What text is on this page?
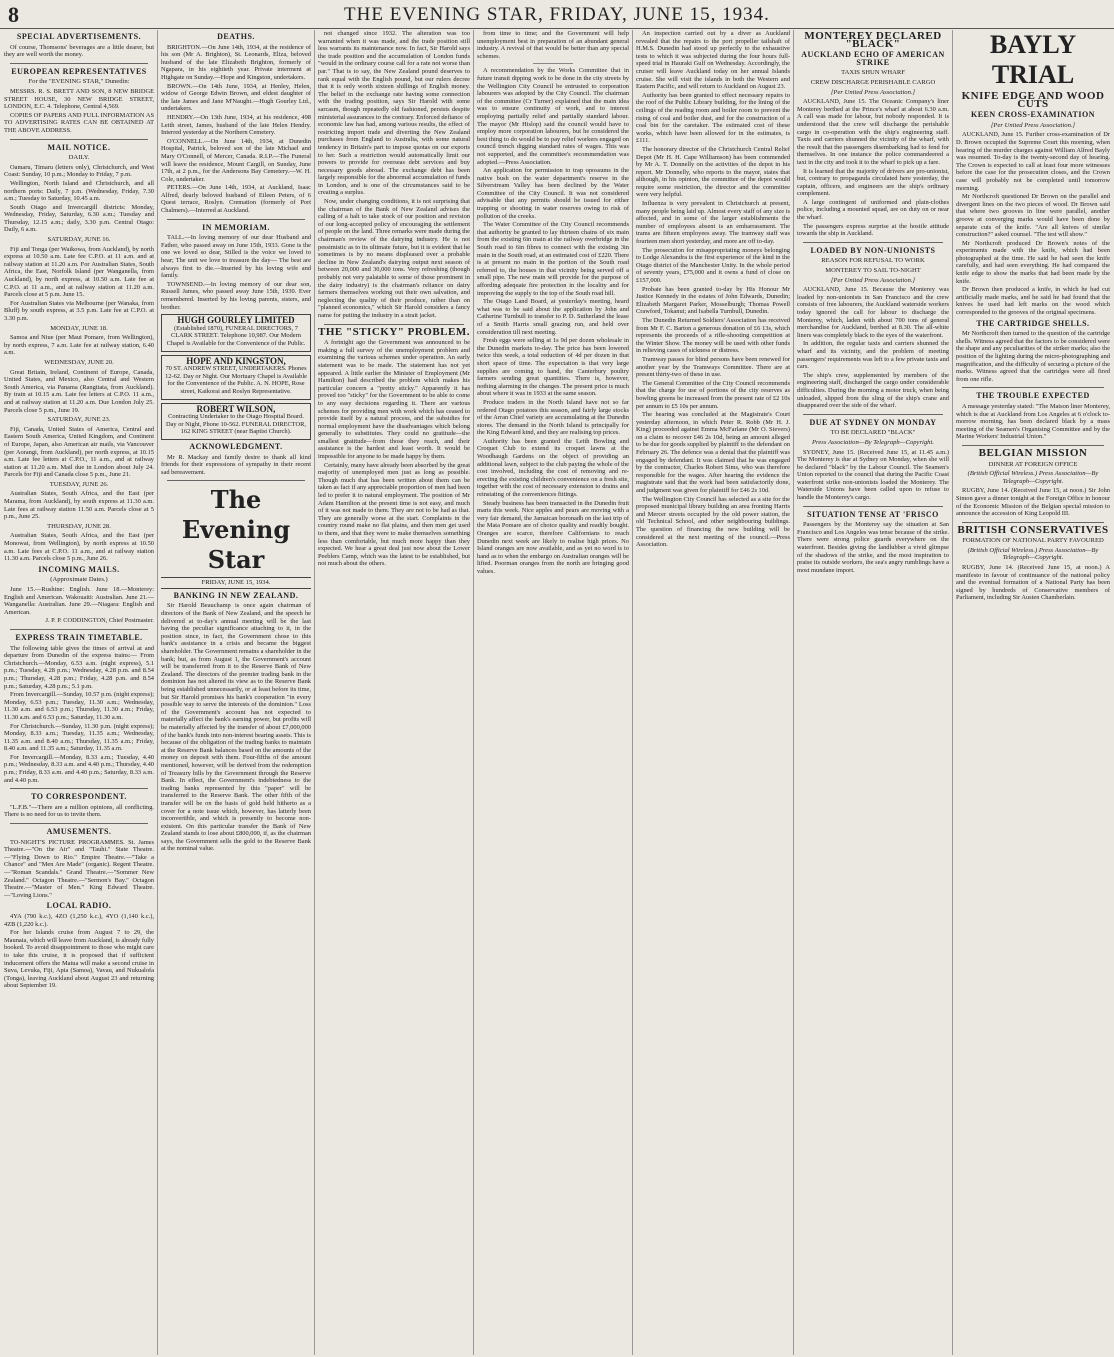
8	THE EVENING STAR, FRIDAY, JUNE 15, 1934.
SPECIAL ADVERTISEMENTS.

Of course, Thomsons' beverages are a little dearer, but they are well worth the money.

EUROPEAN REPRESENTATIVES
For the "EVENING STAR," Dunedin:

MESSRS. R. S. BRETT AND SON, 8 NEW BRIDGE STREET HOUSE, 30 NEW BRIDGE STREET, LONDON, E.C. 4. Telephone, Central 4,569.

COPIES OF PAPERS AND FULL INFORMATION AS TO ADVERTISING RATES CAN BE OBTAINED AT THE ABOVE ADDRESS.

MAIL NOTICE.
DAILY.

Oamaru, Timaru (letters only), Christchurch, and West Coast: Sunday, 10 p.m.; Monday to Friday, 7 p.m.

Wellington, North Island and Christchurch, and all northern ports: Daily, 7 p.m. (Wednesday, Friday, 7.30 a.m.; Tuesday to Saturday, 10.45 a.m.

South Otago and Invercargill districts: Monday, Wednesday, Friday, Saturday, 6.30 a.m.; Tuesday and Thursday, 12.15 a.m.; daily, 3.30 p.m. Central Otago: Daily, 6 a.m.

SATURDAY, JUNE 16.

Fiji and Tonga (per Waikowa, from Auckland), by north express at 10.50 a.m. Late fee C.P.O. at 11 a.m. and at railway station at 11.20 a.m. For Australian States, South Africa, the East, Norfolk Island (per Wanganella, from Auckland), by north express, at 10.50 a.m. Late fee at C.P.O. at 11 a.m., and at railway station at 11.20 a.m. Parcels close at 5 p.m. June 15.

For Australian States via Melbourne (per Wanaka, from Bluff) by south express, at 3.5 p.m. Late fee at C.P.O. at 3.30 p.m.

MONDAY, JUNE 18.

Samoa and Niue (per Maui Pomare, from Wellington), by north express, 7 a.m. Late fee at railway station, 6.40 a.m.

WEDNESDAY, JUNE 20.

Great Britain, Ireland, Continent of Europe, Canada, United States, and Mexico, also Central and Western South America, via Panama (Rangitata, from Auckland). By train at 10.15 a.m. Late fee letters at C.P.O. 11 a.m., and at railway station at 11.20 a.m. Due London July 25. Parcels close 5 p.m., June 19.

SATURDAY, JUNE 23.

Fiji, Canada, United States of America, Central and Eastern South America, United Kingdom, and Continent of Europe, Japan, also American air mails, via Vancouver (per Aorangi, from Auckland), per north express, at 10.15 a.m. Late fee letters at C.P.O., 11 a.m., and at railway station at 11.20 a.m. Mail due in London about July 24. Parcels for Fiji and Canada close 5 p.m., June 21.

TUESDAY, JUNE 26.

Australian States, South Africa, and the East (per Marama, from Auckland), by south express at 11.30 a.m. Late fees at railway station 11.50 a.m. Parcels close at 5 p.m., June 25.

THURSDAY, JUNE 28.

Australian States, South Africa, and the East (per Monowai, from Wellington), by north express at 10.50 a.m. Late fees at C.P.O. 11 a.m., and at railway station 11.30 a.m. Parcels close 5 p.m., June 26.

INCOMING MAILS.
(Approximate Dates.)

June 15.—Rushine: English. June 18.—Monterey: English and American. Wakouaiti: Australian. June 21.—Wanganella: Australian. June 29.—Niagara: English and American.

J. P. P. CODDINGTON, Chief Postmaster.

EXPRESS TRAIN TIMETABLE.

The following table gives the times of arrival at and departure from Dunedin of the express trains:— From Christchurch.—Monday, 6.53 a.m. (night express), 5.1 p.m.; Tuesday, 4.28 p.m.; Wednesday, 4.28 p.m. and 8.54 p.m.; Thursday, 4.28 p.m.; Friday, 4.28 p.m. and 8.54 p.m.; Saturday, 4.28 p.m.; 5.1 p.m.

From Invercargill.—Sunday, 10.57 p.m. (night express); Monday, 6.53 p.m.; Tuesday, 11.30 a.m.; Wednesday, 11.30 a.m. and 6.53 p.m.; Thursday, 11.30 a.m.; Friday, 11.30 a.m. and 6.53 p.m.; Saturday, 11.30 a.m.

For Christchurch.—Sunday, 11.30 p.m. (night express); Monday, 8.33 a.m.; Tuesday, 11.35 a.m.; Wednesday, 11.35 a.m. and 8.40 a.m.; Thursday, 11.35 a.m.; Friday, 8.40 a.m. and 11.35 a.m.; Saturday, 11.35 a.m.

For Invercargill.—Monday, 8.33 a.m.; Tuesday, 4.40 p.m.; Wednesday, 8.33 a.m. and 4.40 p.m.; Thursday, 4.40 p.m.; Friday, 8.33 a.m. and 4.40 p.m.; Saturday, 8.33 a.m. and 4.40 p.m.

TO CORRESPONDENT.

"L.F.B."—There are a million opinions, all conflicting. There is no need for us to invite them.

AMUSEMENTS.

TO-NIGHT'S PICTURE PROGRAMMES. St. James Theatre.—"On the Air" and "Tauhi." State Theatre.—"Flying Down to Rio." Empire Theatre.—"Take a Chance" and "Men Are Made" (organic). Regent Theatre.—"Roman Scandals." Grand Theatre.—"Sommer New Zealand." Octagon Theatre.—"Sermon's Bay." Octagon Theatre.—"Master of Men." King Edward Theatre.—"Loving Lions."

LOCAL RADIO.

4YA (790 k.c.), 4ZO (1,250 k.c.), 4YO (1,140 k.c.), 4ZB (1,220 k.c.).

For her Islands cruise from August 7 to 29, the Maunaia, which will leave from Auckland, is already fully booked. To avoid disappointment to those who might care to take this cruise, it is proposed that if sufficient inducement offers the Matua will make a second cruise in Suva, Levuka, Fiji, Apia (Samoa), Vavau, and Nukualofa (Tonga), leaving Auckland about August 23 and returning about September 19.

DEATHS.

BRIGHTON.—On June 14th, 1934, at the residence of his son (Mr A. Brighton), St. Leonards, Eliza, beloved husband of the late Elizabeth Brighton, formerly of Ngapara, in his eightieth year. Private interment at Highgate on Sunday.—Hope and Kingston, undertakers.

BROWN.—On 14th June, 1934, at Henley, Helen, widow of George Edwin Brown, and eldest daughter of the late James and Jane M'Naught.—Hugh Gourley Ltd., undertakers.

HENDRY.—On 13th June, 1934, at his residence, 498 Leith street, James, husband of the late Helen Hendry. Interred yesterday at the Northern Cemetery.

O'CONNELL.—On June 14th, 1934, at Dunedin Hospital, Patrick, beloved son of the late Michael and Mary O'Connell, of Mercer, Canada. R.I.P.—The Funeral will leave the residence, Mount Cargill, on Sunday, June 17th, at 2 p.m., for the Andersons Bay Cemetery.—W. H. Cole, undertaker.

PETERS.—On June 14th, 1934, at Auckland, Isaac Alfred, dearly beloved husband of Eileen Peters, of 6 Quest terrace, Roslyn. Cremation (formerly of Port Chalmers).—Interred at Auckland.

IN MEMORIAM.

TALL.—In loving memory of our dear Husband and Father, who passed away on June 15th, 1933. Gone is the one we loved so dear, Stilled is the voice we loved to hear; The unit we love to treasure the day— The best are always first to die.—Inserted by his loving wife and family.

TOWNSEND.—In loving memory of our dear son, Russell James, who passed away June 15th, 1930. Ever remembered. Inserted by his loving parents, sisters, and brother.

HUGH GOURLEY LIMITED

(Established 1870), FUNERAL DIRECTORS, 7 CLARK STREET. Telephone 10,987. Our Modern Chapel is Available for the Convenience of the Public.

HOPE AND KINGSTON,

70 ST. ANDREW STREET, UNDERTAKERS. Phones 12-62. Day or Night. Our Mortuary Chapel is Available for the Convenience of the Public. A. N. HOPE, Rose street, Kaikorai and Roslyn Representative.

ROBERT WILSON,

Contracting Undertaker to the Otago Hospital Board. Day or Night, Phone 10-562. FUNERAL DIRECTOR, 162 KING STREET (near Baptist Church).

ACKNOWLEDGMENT.

Mr R. Mackay and family desire to thank all kind friends for their expressions of sympathy in their recent sad bereavement.

The Evening Star
FRIDAY, JUNE 15, 1934.
BANKING IN NEW ZEALAND.

Sir Harold Beauchamp is once again chairman of directors of the Bank of New Zealand, and the speech he delivered at to-day's annual meeting will be the last having the peculiar significance attaching to it, in the position since, in fact, the Government chose to this bank's assistance in a crisis and became the biggest shareholder. The Government remains a shareholder in the bank; but, as from August 1, the Government's account will be transferred from it to the Reserve Bank of New Zealand. The directors of the premier trading bank in the dominion has not altered its view as to the Reserve Bank being established unnecessarily, or at least before its time, but Sir Harold promises his bank's cooperation "in every possible way to serve the interests of the dominion." Loss of the Government's account has not expected to materially affect the bank's earning power, but profits will be materially affected by the transfer of about £7,000,000 of the bank's funds into non-interest bearing assets. This is because of the obligation of the trading banks to maintain at the Reserve Bank balances based on the amounts of the money on deposit with them. Four-fifths of the amount mentioned, however, will be derived from the redemption of Treasury bills by the Government through the Reserve Bank. In effect, the Government's indebtedness to the trading banks represented by this "paper" will be transferred to the Reserve Bank. The other fifth of the transfer will be on the basis of gold held hitherto as a cover for a note issue which, however, has latterly been inconvertible, and which is presently to become non-existent. On this particular transfer the Bank of New Zealand stands to lose about £800,000, if, as the chairman says, the Government sells the gold to the Reserve Bank at the nominal value.

not changed since 1932. The alteration was too warranted when it was made, and the trade position still less warrants its maintenance now. In fact, Sir Harold says the trade position and the accumulation of London funds "would in the ordinary course call for a rate not worse than par." That is to say, the New Zealand pound deserves to rank equal with the English pound, but our rulers decree that it is only worth sixteen shillings of English money. The belief in the exchange rate having some connection with the trading position, says Sir Harold with some sarcasm, though repeatedly old fashioned, persists despite ministerial assurances to the contrary. Enforced defiance of economic law has had, among various results, the effect of restricting import trade and diverting the New Zealand purchases from England to Australia, with some natural tendency in Britain's part to impose quotas on our exports to her. Such a restriction would automatically limit our powers to provide for overseas debt services and buy necessary goods abroad. The exchange debt has been largely responsible for the abnormal accumulation of funds in London, and is one of the circumstances said to be creating a surplus.

Now, under changing conditions, it is not surprising that the chairman of the Bank of New Zealand advises the calling of a halt to take stock of our position and revision of our long-accepted policy of encouraging the settlement of people on the land. Three remarks were made during the chairman's review of the dairying industry. He is not pessimistic as to its ultimate future, but it is evident that he sometimes is by no means displeased over a probable decline in New Zealand's dairying output next season of between 20,000 and 30,000 tons. Very refreshing (though probably not very palatable to some of those prominent in the dairy industry) is the chairman's reliance on dairy farmers themselves working out their own salvation, and neglecting the quality of their produce, rather than on "planned economics," which Sir Harold considers a fancy name for putting the industry in a strait jacket.

THE "STICKY" PROBLEM.

A fortnight ago the Government was announced to be making a full survey of the unemployment problem and examining the various schemes under operation. An early statement was to be made. The statement has not yet appeared. A little earlier the Minister of Employment (Mr Hamilton) had described the problem which makes his particular concern a "pretty sticky." Apparently it has proved too "sticky" for the Government to be able to come to any easy decisions regarding it. There are various schemes for providing men with work which has ceased to provide itself by a natural process, and the subsidies for normal employment have the disadvantages which belong generally to substitutes. They could no gratitude—the smallest gratitude—from those they reach, and their assistance is the hardest and least worth. It would be impossible for anyone to be made happy by them.

Certainly, many have already been absorbed by the great majority of unemployed men just as long as possible. Though much that has been written about them can be taken as fact if any appreciable proportion of men had been led to prefer it to natural employment. The position of Mr Adam Hamilton at the present time is not easy, and much of it was not made to them. They are not to be had as that. They are generally worse at the start. Complaints in the country round make no flat plains, and then men get used to them, and that they were to make themselves something less than comfortable, but much more happy than they expected. We hear a great deal just now about the Lower Peeblers Camp, which was the latest to be established, but not much about the others.

from time to time; and the Government will help unemployment best in preparation of an abundant general industry. A revival of that would be better than any special schemes.

A recommendation by the Works Committee that in future transit dipping work to be done in the city streets by the Wellington City Council be entrusted to corporation labourers was adopted by the City Council. The chairman of the committee (Cr Turner) explained that the main idea was to ensure continuity of work, and to interest employing partially relief and partially standard labour. The mayor (Mr Hislop) said the council would have to employ more corporation labourers, but he considered the best thing to do would be to pay relief workers engaged on council trench digging standard rates of wages. This was not supported, and the committee's recommendation was adopted.—Press Association.

An application for permission to trap opossums in the native bush on the water department's reserve in the Silverstream Valley has been declined by the Water Committee of the City Council. It was not considered advisable that any permits should be issued for either trapping or shooting in water reserves owing to risk of pollution of the creeks.

The Water Committee of the City Council recommends that authority be granted to lay thirteen chains of six main from the existing 6in main at the railway overbridge in the South road to 6in fibres to connect with the existing 3in main in the South road, at an estimated cost of £220. There is at present no main in the portion of the South road referred to, the houses in that vicinity being served off a small pipe. The new main will provide for the purpose of affording adequate fire protection in the locality and for improving the supply to the top of the South road hill.

The Otago Land Board, at yesterday's meeting, heard what was to be said about the application by John and Catherine Turnbull to transfer to P. D. Sutherland the lease of a Smith Harris small grazing run, and held over consideration till next meeting.

Fresh eggs were selling at 1s 9d per dozen wholesale in the Dunedin markets to-day. The price has been lowered twice this week, a total reduction of 4d per dozen in that short space of time. The expectation is that very large supplies are coming to hand, the Canterbury poultry farmers sending great quantities. There is, however, nothing alarming in the changes. The present price is much about where it was in 1933 at the same season.

Produce traders in the North Island have not so far ordered Otago potatoes this season, and fairly large stocks of the Arran Chief variety are accumulating at the Dunedin stores. The demand in the North Island is principally for the King Edward kind, and they are realising top prices.

Authority has been granted the Leith Bowling and Croquet Club to extend its croquet lawns at the Woodhaugh Gardens on the object of providing an additional lawn, subject to the club paying the whole of the cost involved, including the cost of removing and re-erecting the existing children's convenience on a fresh site, together with the cost of necessary extension to drains and reinstating of the conveniences fittings.

Steady business has been transacted in the Dunedin fruit marts this week. Nice apples and pears are moving with a very fair demand, the Jamaican boronadh on the last trip of the Mata Pomare are of choice quality and readily bought. Oranges are scarce, therefore Californians to reach Dunedin next week are likely to realise high prices. No Island oranges are now available, and as yet no word is to hand as to when the embargo on Australian oranges will be lifted. Poorman oranges from the north are bringing good values.

An inspection carried out by a diver as Auckland revealed that the repairs to the port propeller tailshaft of H.M.S. Dunedin had stood up perfectly to the exhaustive tests to which it was subjected during the four hours full-speed trial in Hauraki Gulf on Wednesday. Accordingly, the cruiser will leave Auckland today on her annual Islands cruise. She will visit the islands in both the Western and Eastern Pacific, and will return to Auckland on August 23.

Authority has been granted to effect necessary repairs to the roof of the Public Library building, for the lining of the ceilings of the reading room and boiler room to prevent the rising of coal and boiler dust, and for the construction of a coal bin for the caretaker. The estimated cost of these works, which have been allowed for in the estimates, is £111.

The honorary director of the Christchurch Central Relief Depot (Mr H. H. Cape Williamson) has been commended by Mr A. T. Donnelly on the activities of the depot in his report. Mr Donnelly, who reports to the mayor, states that although, in his opinion, the committee of the depot would require some restriction, the director and the committee were very helpful.

Influenza is very prevalent in Christchurch at present, many people being laid up. Almost every staff of any size is affected, and in some of the larger establishments the number of employees absent is an embarrassment. The trams are fifteen employees away. The tramway staff was fourteen men short yesterday, and more are off to-day.

The prosecution for misappropriating moneys belonging to Lodge Alexandra is the first experience of the kind in the Otago district of the Manchester Unity. In the whole period of seventy years, £75,000 and it owns a fund of close on £157,000.

Probate has been granted to-day by His Honour Mr Justice Kennedy in the estates of John Edwards, Dunedin; Elizabeth Margaret Parker, Mosselburgh; Thomas Powell Crawford, Tokanui; and Isabella Turnbull, Dunedin.

The Dunedin Returned Soldiers' Association has received from Mr F. C. Barton a generous donation of £6 13s, which represents the proceeds of a rifle-shooting competition at the Winter Show. The money will be used with other funds in relieving cases of sickness or distress.

Tramway passes for blind persons have been renewed for another year by the Tramways Committee. There are at present thirty-two of these in use.

The General Committee of the City Council recommends that the charge for use of portions of the city reserves as bowling greens be increased from the present rate of £2 10s per annum to £5 10s per annum.

The hearing was concluded at the Magistrate's Court yesterday afternoon, in which Peter R. Robb (Mr H. J. King) proceeded against Emma McFarlane (Mr O. Sievers) on a claim to recover £46 2s 10d, being an amount alleged to be due for goods supplied by plaintiff to the defendant on February 26. The defence was a denial that the plaintiff was engaged by defendant. It was claimed that he was engaged by the contractor, Charles Robert Sims, who was therefore responsible for the wages. After hearing the evidence the magistrate said that the work had been satisfactorily done, and judgment was given for plaintiff for £46 2s 10d.

The Wellington City Council has selected as a site for the proposed municipal library building an area fronting Harris and Mercer streets occupied by the old power station, the old Technical School, and other neighbouring buildings. The question of financing the new building will be considered at the next meeting of the council.—Press Association.

MONTEREY DECLARED "BLACK"
AUCKLAND ECHO OF AMERICAN STRIKE
TAXIS SHUN WHARF
CREW DISCHARGE PERISHABLE CARGO
[Per United Press Association.]

AUCKLAND, June 15. The Oceanic Company's liner Monterey berthed at the Prince's wharf at about 6.30 a.m. A call was made for labour, but nobody responded. It is understood that the crew will discharge the perishable cargo in co-operation with the ship's engineering staff. Taxis and carriers shunned the vicinity of the wharf, with the result that the passengers disembarking had to fend for themselves. In one instance the police commandeered a taxi in the city and took it to the wharf to pick up a fare.

It is learned that the majority of drivers are pro-unionist, but, contrary to propaganda circulated here yesterday, the captain, officers, and engineers are the ship's ordinary complement.

A large contingent of uniformed and plain-clothes police, including a mounted squad, are on duty on or near the wharf.

The passengers express surprise at the hostile attitude towards the ship in Auckland.

LOADED BY NON-UNIONISTS
REASON FOR REFUSAL TO WORK
MONTEREY TO SAIL TO-NIGHT
[Per United Press Association.]

AUCKLAND, June 15. Because the Monterey was loaded by non-unionists in San Francisco and the crew consists of free labourers, the Auckland waterside workers today ignored the call for labour to discharge the Monterey, which, laden with about 700 tons of general merchandise for Auckland, berthed at 8.30. The all-white liners was completely black to the eyes of the waterfront.

In addition, the regular taxis and carriers shunned the wharf and its vicinity, and the problem of meeting passengers' requirements was left to a few private taxis and cars.

The ship's crew, supplemented by members of the engineering staff, discharged the cargo under considerable difficulties. During the morning a motor truck, when being unloaded, slipped from the sling of the ship's crane and disappeared over the side of the wharf.

DUE AT SYDNEY ON MONDAY
TO BE DECLARED "BLACK"
Press Association—By Telegraph—Copyright.

SYDNEY, June 15. (Received June 15, at 11.45 a.m.) The Monterey is due at Sydney on Monday, when she will be declared "black" by the Labour Council. The Seamen's Union reported to the council that during the Pacific Coast waterfront strike non-unionists loaded the Monterey. The Waterside Unions have been called upon to refuse to handle the Monterey's cargo.

SITUATION TENSE AT 'FRISCO

Passengers by the Monterey say the situation at San Francisco and Los Angeles was tense because of the strike. There were strong police guards everywhere on the waterfront. Besides giving the landlubber a vivid glimpse of the shadows of the strike, and the most inspiration to praise its outside workers, the sea's angry rumblings have a most mundane import.

BAYLY TRIAL
KNIFE EDGE AND WOOD CUTS
KEEN CROSS-EXAMINATION
[Per United Press Association.]

AUCKLAND, June 15. Further cross-examination of Dr D. Brown occupied the Supreme Court this morning, when hearing of the murder charges against William Alfred Bayly was resumed. To-day is the twenty-second day of hearing. The Crown is expected to call at least four more witnesses before the case for the prosecution closes, and the Crown case will probably not be completed until tomorrow morning.

Mr Northcroft questioned Dr Brown on the parallel and divergent lines on the two pieces of wood. Dr Brown said that where two grooves in line were parallel, another groove at converging marks would have been done by separate cuts of the knife. "Are all knives of similar construction?" asked counsel. "The test will show."

Mr Northcroft produced Dr Brown's notes of the experiments made with the knife, which had been photographed at the time. He said he had seen the knife carefully, and had seen everything. He had compared the knife edge to show the marks that had been made by the knife.

Dr Brown then produced a knife, in which he had cut artificially made marks, and he said he had found that the knives he used had left marks on the wood which corresponded to the grooves of the original specimens.

THE CARTRIDGE SHELLS.

Mr Northcroft then turned to the question of the cartridge shells. Witness agreed that the factors to be considered were the shape and any peculiarities of the striker marks; also the position of the lighting during the micro-photographing and magnification, and the difficulty of securing a picture of the marks. Witness agreed that the cartridges were all fired from one rifle.

THE TROUBLE EXPECTED

A message yesterday stated: "The Matson liner Monterey, which is due at Auckland from Los Angeles at 6 o'clock to-morrow morning, has been declared black by a mass meeting of the Seamen's Organising Committee and by the Marine Workers' Industrial Union."

BELGIAN MISSION
DINNER AT FOREIGN OFFICE
(British Official Wireless.) Press Association—By Telegraph—Copyright.

RUGBY, June 14. (Received June 15, at noon.) Sir John Simon gave a dinner tonight at the Foreign Office in honour of the Economic Mission of the Belgian special mission to announce the accession of King Leopold III.

BRITISH CONSERVATIVES
FORMATION OF NATIONAL PARTY FAVOURED
(British Official Wireless.) Press Association—By Telegraph—Copyright.

RUGBY, June 14. (Received June 15, at noon.) A manifesto in favour of continuance of the national policy and the eventual formation of a National Party has been signed by hundreds of Conservative members of Parliament, including Sir Austen Chamberlain.
